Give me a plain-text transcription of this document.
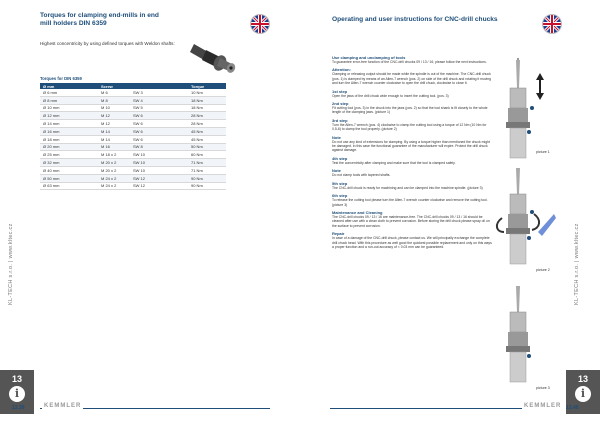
Torques for clamping end-mills in end mill holders DIN 6359
Highest concentricity by using defined torques with Weldon shafts:
Torques for DIN 6359
Ø mm	Screw		Torque
Ø 6 mm	M 6	SW 3	10 Nm
Ø 8 mm	M 8	SW 4	18 Nm
Ø 10 mm	M 10	SW 5	18 Nm
Ø 12 mm	M 12	SW 6	28 Nm
Ø 14 mm	M 12	SW 6	28 Nm
Ø 16 mm	M 14	SW 6	45 Nm
Ø 18 mm	M 14	SW 6	45 Nm
Ø 20 mm	M 16	SW 8	50 Nm
Ø 25 mm	M 18 x 2	SW 10	60 Nm
Ø 32 mm	M 20 x 2	SW 10	71 Nm
Ø 40 mm	M 20 x 2	SW 10	71 Nm
Ø 50 mm	M 24 x 2	SW 12	90 Nm
Ø 63 mm	M 24 x 2	SW 12	90 Nm
KL-TECH s.r.o. | www.kltec.cz
13
i
13.39	KEMMLER
Operating and user instructions for CNC-drill chucks
KL-TECH s.r.o. | www.kltec.cz
13
i
KEMMLER 13.40
picture 1
picture 2
picture 3
Use clamping and unclamping of tools
To guarantee error-free function of the CNC-drill chucks 09 / 13 / 16, please follow the next instructions.
Attention:
Clamping or releasing output should be made while the spindle is out of the machine. The CNC-drill chuck (pos. 1) is clamped by means of an Allen-7 wrench (pos. 2) on side of the drill chuck and rotating it moving and turn the Allen-7 wrench counter clockwise to open the drill chuck, clockwise to close it.
1st step
Open the jaws of the drill chuck wide enough to insert the cutting tool. (pos. 3)
2nd step
Fit cutting tool (pos. 3) in the chuck into the jaws (pos. 2) so that the tool shank is fit closely to the whole length of the clamping jaws. (picture 1)
3rd step
Turn the Allen-7 wrench (pos. 4) clockwise to clamp the cutting tool using a torque of 12 Nm (10 Nm for 0,5-6) to clamp the tool properly. (picture 2)
Note
Do not use any kind of extensions for clamping. By using a torque higher than mentioned the chuck might be damaged. In this case the functional guarantee of the manufacturer will expire. Protect the drill chuck against damage.
4th step
Test the concentricity after clamping and make sure that the tool is clamped safely.
Note
Do not clamp tools with tapered shafts.
5th step
The CNC-drill chuck is ready for machining and can be clamped into the machine spindle. (picture 3)
6th step
To release the cutting tool please turn the Allen-7 wrench counter clockwise and remove the cutting tool. (picture 3)
Maintenance and Cleaning
The CNC-drill chucks 09 / 13 / 16 are maintenance-free. The CNC-drill chucks 09 / 13 / 16 should be cleaned after use with a clean cloth to prevent corrosion. Before storing the drill chuck please spray oil on the surface to prevent corrosion.
Repair
In case of a damage of the CNC-drill chuck, please contact us. We will principally exchange the complete drill chuck head. With this procedure as well good the quickest possible replacement and only on this ways a proper function and a run-out accuracy of < 0.03 mm can be guaranteed.
